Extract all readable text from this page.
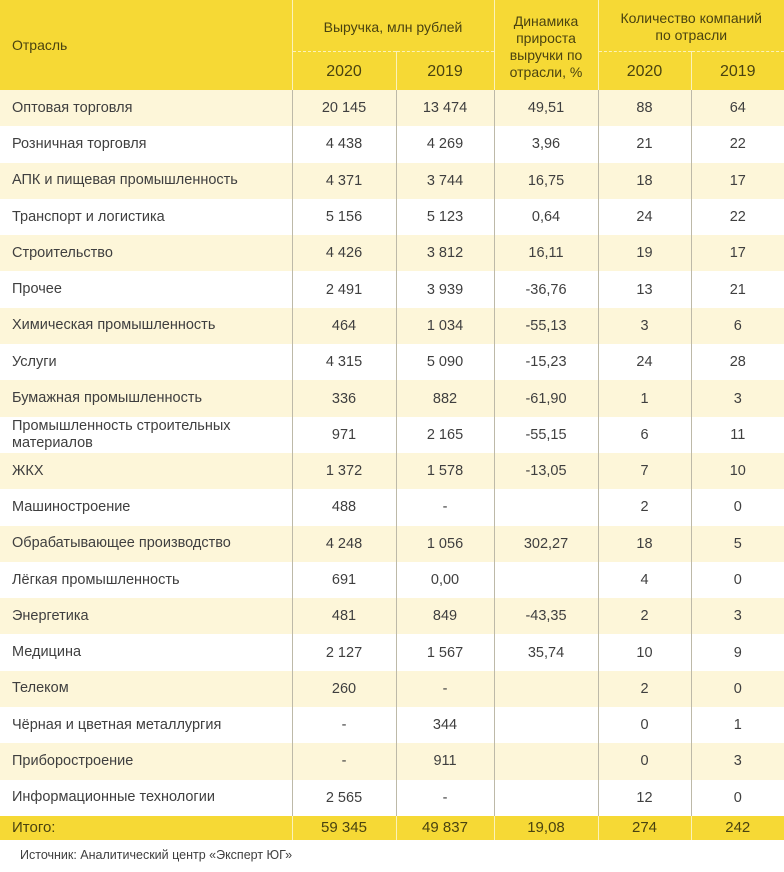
Отрасль	Выручка, млн рублей		Динамика прироста выручки по отрасли, %	Количество компаний по отрасли	
	2020	2019		2020	2019
Оптовая торговля	20 145	13 474	49,51	88	64
Розничная торговля	4 438	4 269	3,96	21	22
АПК и пищевая промышленность	4 371	3 744	16,75	18	17
Транспорт и логистика	5 156	5 123	0,64	24	22
Строительство	4 426	3 812	16,11	19	17
Прочее	2 491	3 939	-36,76	13	21
Химическая промышленность	464	1 034	-55,13	3	6
Услуги	4 315	5 090	-15,23	24	28
Бумажная промышленность	336	882	-61,90	1	3
Промышленность строительных материалов	971	2 165	-55,15	6	11
ЖКХ	1 372	1 578	-13,05	7	10
Машиностроение	488	-		2	0
Обрабатывающее производство	4 248	1 056	302,27	18	5
Лёгкая промышленность	691	0,00		4	0
Энергетика	481	849	-43,35	2	3
Медицина	2 127	1 567	35,74	10	9
Телеком	260	-		2	0
Чёрная и цветная металлургия	-	344		0	1
Приборостроение	-	911		0	3
Информационные технологии	2 565	-		12	0
Итого:	59 345	49 837	19,08	274	242
Источник: Аналитический центр «Эксперт ЮГ»
